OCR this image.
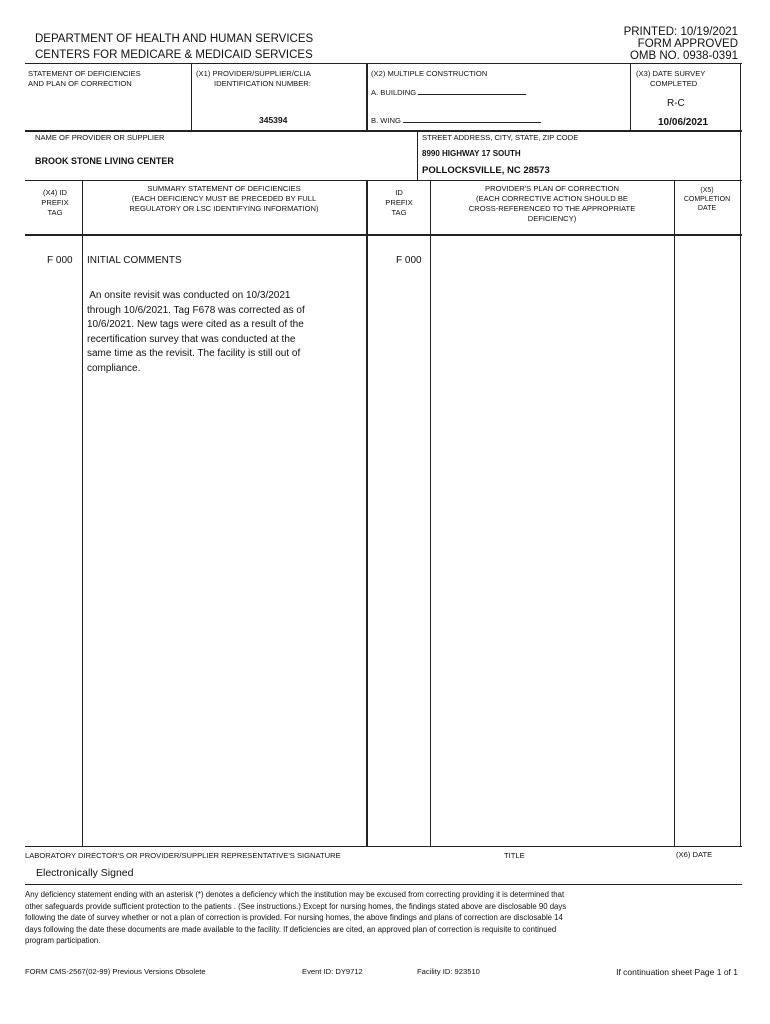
DEPARTMENT OF HEALTH AND HUMAN SERVICES
CENTERS FOR MEDICARE & MEDICAID SERVICES
PRINTED: 10/19/2021
FORM APPROVED
OMB NO. 0938-0391
STATEMENT OF DEFICIENCIES
AND PLAN OF CORRECTION
(X1) PROVIDER/SUPPLIER/CLIA
IDENTIFICATION NUMBER:
345394
(X2) MULTIPLE CONSTRUCTION
A. BUILDING
B. WING
(X3) DATE SURVEY
COMPLETED
R-C
10/06/2021
NAME OF PROVIDER OR SUPPLIER
BROOK STONE LIVING CENTER
STREET ADDRESS, CITY, STATE, ZIP CODE
8990 HIGHWAY 17 SOUTH
POLLOCKSVILLE, NC 28573
(X4) ID
PREFIX
TAG
SUMMARY STATEMENT OF DEFICIENCIES
(EACH DEFICIENCY MUST BE PRECEDED BY FULL
REGULATORY OR LSC IDENTIFYING INFORMATION)
ID
PREFIX
TAG
PROVIDER'S PLAN OF CORRECTION
(EACH CORRECTIVE ACTION SHOULD BE
CROSS-REFERENCED TO THE APPROPRIATE
DEFICIENCY)
(X5)
COMPLETION
DATE
F 000 INITIAL COMMENTS	F 000
An onsite revisit was conducted on 10/3/2021
through 10/6/2021. Tag F678 was corrected as of
10/6/2021. New tags were cited as a result of the
recertification survey that was conducted at the
same time as the revisit. The facility is still out of
compliance.
LABORATORY DIRECTOR'S OR PROVIDER/SUPPLIER REPRESENTATIVE'S SIGNATURE	TITLE	(X6) DATE
Electronically Signed
Any deficiency statement ending with an asterisk (*) denotes a deficiency which the institution may be excused from correcting providing it is determined that
other safeguards provide sufficient protection to the patients . (See instructions.) Except for nursing homes, the findings stated above are disclosable 90 days
following the date of survey whether or not a plan of correction is provided. For nursing homes, the above findings and plans of correction are disclosable 14
days following the date these documents are made available to the facility. If deficiencies are cited, an approved plan of correction is requisite to continued
program participation.
FORM CMS-2567(02-99) Previous Versions Obsolete	Event ID: DY9712	Facility ID: 923510	If continuation sheet Page 1 of 1
